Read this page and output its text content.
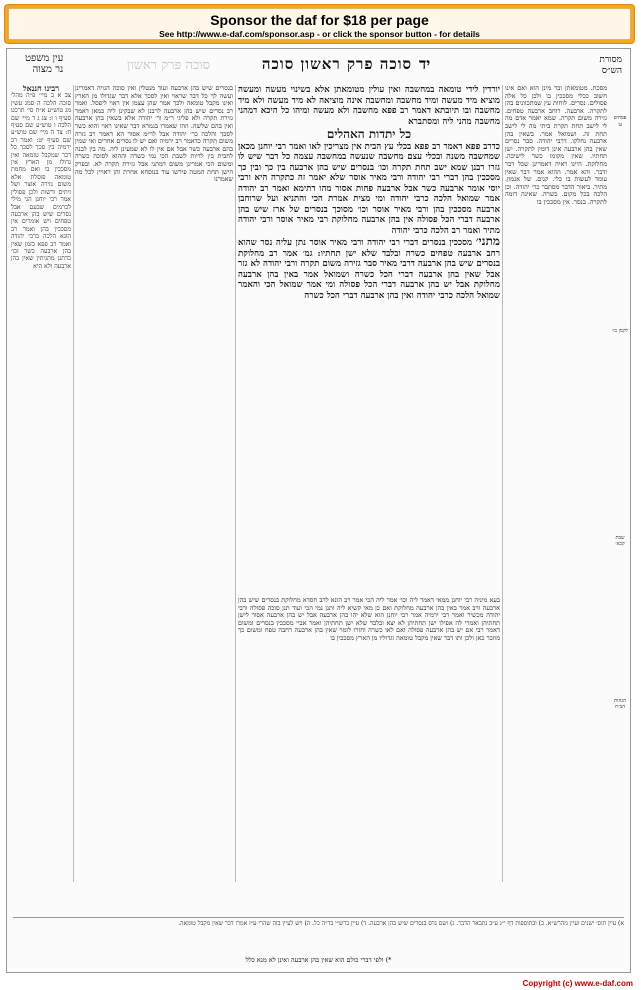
Sponsor the daf for $18 per page
See http://www.e-daf.com/sponsor.asp - or click the sponsor button - for details
עין משפט
נר מצוה	סוכה פרק ראשון	סוכה פרק ראשון סוכה יד	מסורת
הש״ס
רבינו חננאל
צב א ב מיי׳ פ״ה מהל׳ סוכה הלכה ה סמג עשין מג טוש״ע א״ח סי׳ תרכט סעיף ו ז: צג ג ד מיי׳ שם הלכה ו טוש״ע שם סעיף ח: צד ה מיי׳ שם טוש״ע שם סעיף יט: ואמר רב ירמיה בין סכך לסכך כל דבר שמקבל טומאה ואין גדולו מן הארץ אין מסככין בו ואם מחמת טומאה פוסלת אלא משום גזירה אוצר ושל זיתים ורשות ולכן פסולין אמר רבי יוחנן הגי מילי לכרמים שבעם אבל נסרים שיש בהן ארבעה טפחים ויש אומרים אין מסככין בהן ואמר רב הונא הלכה כרבי יהודה ואמר רב פפא בזמן שאין בהן ארבעה כשר וכו׳ כדתנן מתניתין שאין בהן ארבעה ולא היא
בנסרים שיש בהן ארבעה ועוד מנטלין ואין סוכה הגויה דאמרינן ועשה לך כל דבר שראוי ואין לסכך אלא דבר שגדולו מן הארץ ואינו מקבל טומאה ולכך אמר שהן עצמן אין ראוי ליפסל. ואמר רב נסרים שיש בהן ארבעה לרבנן לא שבקינן ליה כמאן דאמר גזירת תקרה ולא פליגי ר״מ ור׳ יהודה אלא בשאין בהן ארבעה ואין בהם שלשה. וזהו שאמרו בגמרא דבר שאינו ראוי והוא כשר לסכך והלכה כר׳ יהודה אבל לר״מ אסור הא דאמר רב גזרה משום תקרה כדאמר רב ירמיה ואם יש לו נסרים אחרים ואי שמין בהם ארבעה כשר אבל אם אין לו לא שמעינן ליה. מה בין לבנה לחבית בין לדיות לשבת הכי נמי כשרה וההוא לסוכה כשרה ומשום הכי אמרינן משום דמתני אבל גזירת תקרה לא. ובפרק הישן תחת המטה פירשו עוד בנוסחא אחרת והן ראויין לכל מה שאמרנו
יורדין לידי טומאה במחשבה ואין עולין מטומאתן אלא בשינוי מעשה ומעשה מוציא מיד מעשה ומיד מחשבה ומחשבה אינה מוציאה לא מיד מעשה ולא מיד מחשבה ובו תיובתא דאמר רב פפא מחשבה ולא מעשה ומיהו כל היכא דמהני מחשבה מהני ליה ומסתברא
כל יתדות האהלים
כדרב פפא דאמר רב פפא בכלי עץ הבית אין מצריכין לאו ואמר רבי יוחנן מכאן שמחשבה משנה ובכלי עצם מחשבה שנעשה במחשבה עצמה כל דבר שיש לו גזרו רבנן שמא ישב תחת תקרה וכו׳ בנסרים שיש בהן ארבעה בין כך ובין כך מסככין בהן דברי רבי יהודה ורבי מאיר אוסר שלא יאמר זה כתקרה היא ורבי יוסי אומר ארבעה כשר אבל ארבעה פחות אסור מהו דתימא ואמר רב יהודה אמר שמואל הלכה כרבי יהודה ומי מצית אמרת הכי והתניא ועל שרוחבן ארבעה מסככין בהן ורבי מאיר אוסר וכו׳ מסוכך בנסרים של ארז שיש בהן ארבעה דברי הכל פסולה אין בהן ארבעה מחלוקת רבי מאיר אוסר ורבי יהודה מתיר ואמר רב הלכה כרבי יהודה
מתני׳ מסככין בנסרים דברי רבי יהודה ורבי מאיר אוסר נתן עליה נסר שהוא רחב ארבעה טפחים כשרה ובלבד שלא ישן תחתיו: גמ׳ אמר רב מחלוקת בנסרים שיש בהן ארבעה דרבי מאיר סבר גזירה משום תקרה ורבי יהודה לא גזר אבל שאין בהן ארבעה דברי הכל כשרה ושמואל אמר באין בהן ארבעה מחלוקת אבל יש בהן ארבעה דברי הכל פסולה ומי אמר שמואל הכי והאמר שמואל הלכה כרבי יהודה ואין בהן ארבעה דברי הכל כשרה
בעא מיניה רבי יוחנן ממאי דאמר ליה וכו׳ אמר ליה הכי אמר רב הונא לרב חסדא מחלוקת בנסרים שיש בהן ארבעה ורב אמר באין בהן ארבעה מחלוקת ואם כן מאי קשיא ליה ותנן נמי הכי ועוד תנן סוכה פסולה ורבי יהודה מכשיר ואמר רבי ירמיה אמר רבי יוחנן הוא שלא יהו בהן ארבעה אבל יש בהן ארבעה אסור לישן תחתיהן ואמרי לה אפילו ישן תחתיהן לא יצא ובלבד שלא ישן תחתיהן ואמר אביי מסככין בנסרים ומשום דאמר רבי אם יש בהן ארבעה פסולה ואם לאו כשרה וחזרו לומר שאין בהן ארבעה רחבה טפח ומשום כך מוזכר כאן ולכן ותו דבר שאין מקבל טומאה וגדוליו מן הארץ מסככין בו
מסכת. מטומאתן ובר מינן הוא ואם אינו חשוב ככלי מסככין בו ולכן כל אלה פסולים. נסרים. לוחות עץ שמתכוונים בהן לתקרה. ארבעה. רוחב ארבעה טפחים. גזירה משום תקרה. שמא יאמר אדם מה לי לישב תחת תקרת ביתי מה לי לישב תחת זה. ושמואל אמר. בשאין בהן ארבעה נחלקו. דרבי יהודה. סבר נסרים שאין בהן ארבעה אינן דומין לתקרה. ישן תחתיו. שאין מקומו כשר לישיבה. מחלוקת. היינו ראיה דאמרינן שכל דבר ודבר. והא אמר. ההוא אמר דבר שאין עומד לעשות בו כלי. קנים. של אגמון. מתיר. ביאור הדבר מסתבר כר׳ יהודה. וכן הלכה בכל מקום. כשרה. שאינה דומה לתקרה. בנסר. אין מסככין בו
פסחים ע׳
לקמן כז׳
שבת קכא׳
הגהות הב״ח
א) עיין תוס׳ ישנים ועיין מהרש״א. ב) ובתוספות דף י״ג ע״ב נתבאר הדבר. ג) ושם גרס בנסרים שיש בהן ארבעה. ד) עיין ברש״י בד״ה כל. ה) ויש לעיין בזה שהרי ע״ז אמרו דבר שאין מקבל טומאה.
*) ולפי דברי כולם הוא שאין בהן ארבעה ואינן לא מנא כלל
Copyright (c) www.e-daf.com
